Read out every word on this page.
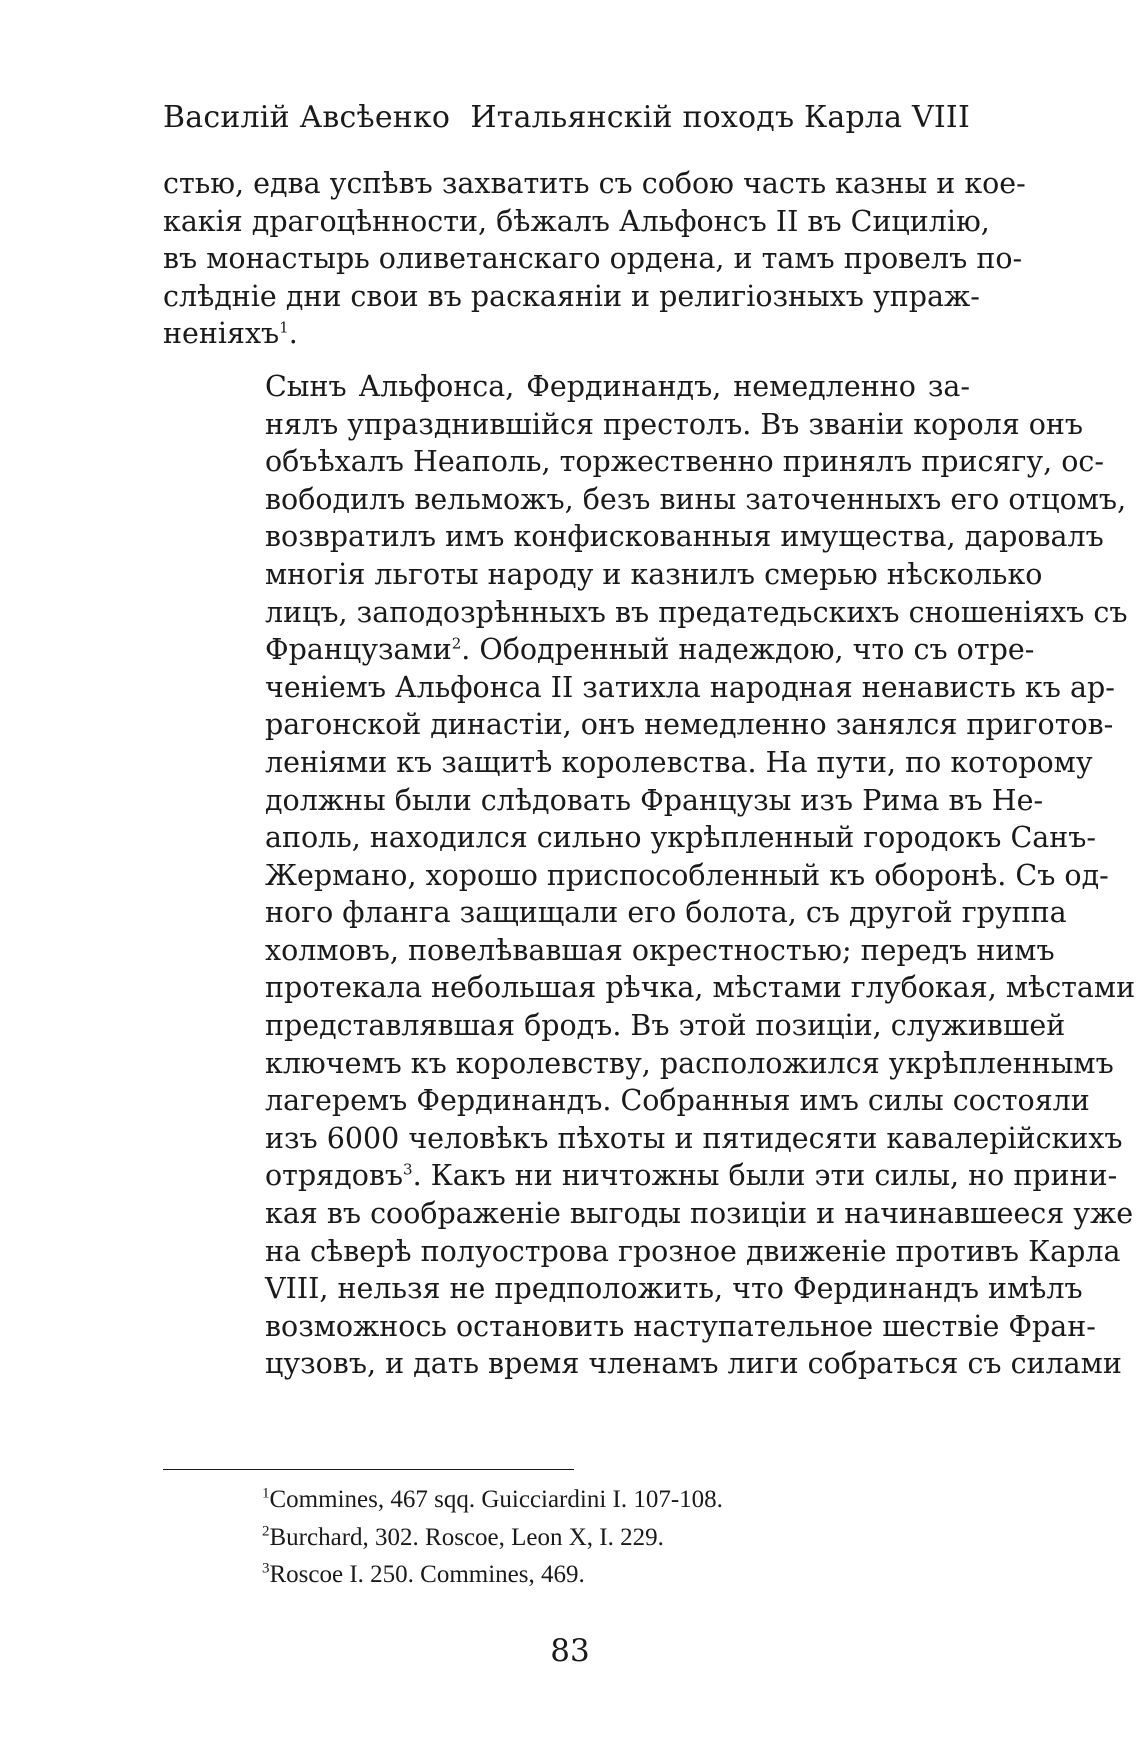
Василій Авсѣенко Итальянскій походъ Карла VIII

стью, едва успѣвъ захватить съ собою часть казны и кое-
какія драгоцѣнности, бѣжалъ Альфонсъ II въ Сицилію,
въ монастырь оливетанскаго ордена, и тамъ провелъ по-
слѣдніе дни свои въ раскаяніи и религіозныхъ упраж-
неніяхъ$^1$.

Сынъ Альфонса, Фердинандъ, немедленно за-
нялъ упразднившійся престолъ. Въ званіи короля онъ
объѣхалъ Неаполь, торжественно принялъ присягу, ос-
вободилъ вельможъ, безъ вины заточенныхъ его отцомъ,
возвратилъ имъ конфискованныя имущества, даровалъ
многія льготы народу и казнилъ смерью нѣсколько
лицъ, заподозрѣнныхъ въ предатедьскихъ сношеніяхъ съ
Французами$^2$. Ободренный надеждою, что съ отре-
ченіемъ Альфонса II затихла народная ненависть къ ар-
рагонской династіи, онъ немедленно занялся приготов-
леніями къ защитѣ королевства. На пути, по которому
должны были слѣдовать Французы изъ Рима въ Не-
аполь, находился сильно укрѣпленный городокъ Санъ-
Жермано, хорошо приспособленный къ оборонѣ. Съ од-
ного фланга защищали его болота, съ другой группа
холмовъ, повелѣвавшая окрестностью; передъ нимъ
протекала небольшая рѣчка, мѣстами глубокая, мѣстами
представлявшая бродъ. Въ этой позиціи, служившей
ключемъ къ королевству, расположился укрѣпленнымъ
лагеремъ Фердинандъ. Собранныя имъ силы состояли
изъ 6000 человѣкъ пѣхоты и пятидесяти кавалерійскихъ
отрядовъ$^3$. Какъ ни ничтожны были эти силы, но прини-
кая въ соображеніе выгоды позиціи и начинавшееся уже
на сѣверѣ полуострова грозное движеніе противъ Карла
VIII, нельзя не предположить, что Фердинандъ имѣлъ
возможнось остановить наступательное шествіе Фран-
цузовъ, и дать время членамъ лиги собраться съ силами

$^1$Commines, 467 sqq. Guicciardini I. 107-108.
$^2$Burchard, 302. Roscoe, Leon X, I. 229.
$^3$Roscoe I. 250. Commines, 469.
83
